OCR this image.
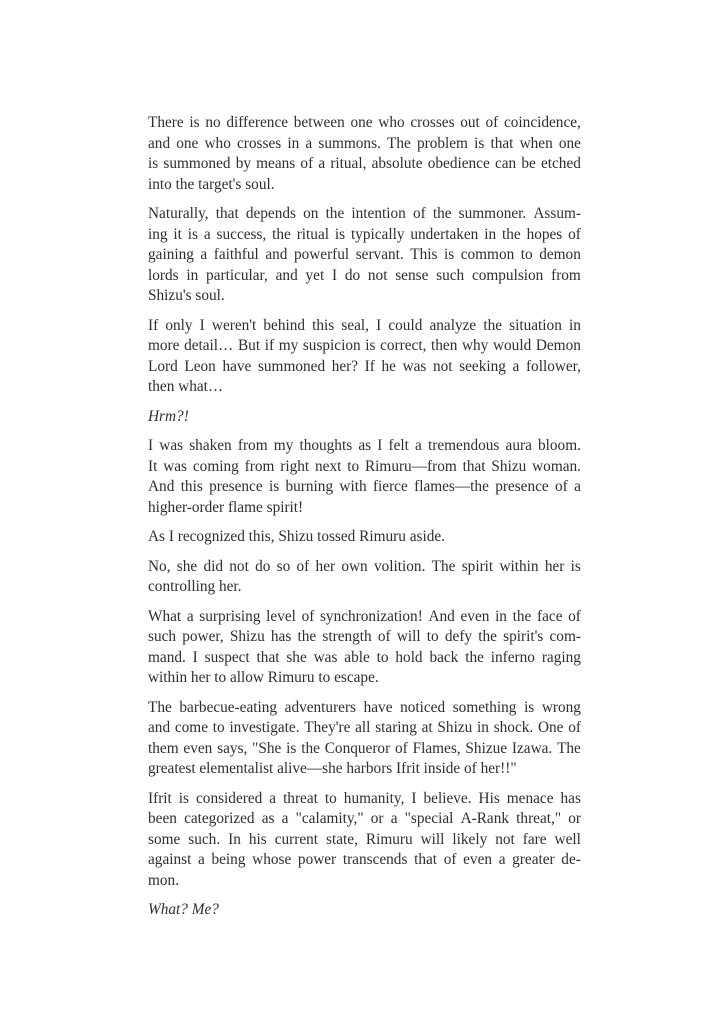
There is no difference between one who crosses out of coincidence,
and one who crosses in a summons. The problem is that when one
is summoned by means of a ritual, absolute obedience can be etched
into the target's soul.
Naturally, that depends on the intention of the summoner. Assum-
ing it is a success, the ritual is typically undertaken in the hopes of
gaining a faithful and powerful servant. This is common to demon
lords in particular, and yet I do not sense such compulsion from
Shizu's soul.
If only I weren't behind this seal, I could analyze the situation in
more detail… But if my suspicion is correct, then why would Demon
Lord Leon have summoned her? If he was not seeking a follower,
then what…
Hrm?!
I was shaken from my thoughts as I felt a tremendous aura bloom.
It was coming from right next to Rimuru—from that Shizu woman.
And this presence is burning with fierce flames—the presence of a
higher-order flame spirit!
As I recognized this, Shizu tossed Rimuru aside.
No, she did not do so of her own volition. The spirit within her is
controlling her.
What a surprising level of synchronization! And even in the face of
such power, Shizu has the strength of will to defy the spirit's com-
mand. I suspect that she was able to hold back the inferno raging
within her to allow Rimuru to escape.
The barbecue-eating adventurers have noticed something is wrong
and come to investigate. They're all staring at Shizu in shock. One of
them even says, "She is the Conqueror of Flames, Shizue Izawa. The
greatest elementalist alive—she harbors Ifrit inside of her!!"
Ifrit is considered a threat to humanity, I believe. His menace has
been categorized as a "calamity," or a "special A-Rank threat," or
some such. In his current state, Rimuru will likely not fare well
against a being whose power transcends that of even a greater de-
mon.
What? Me?
